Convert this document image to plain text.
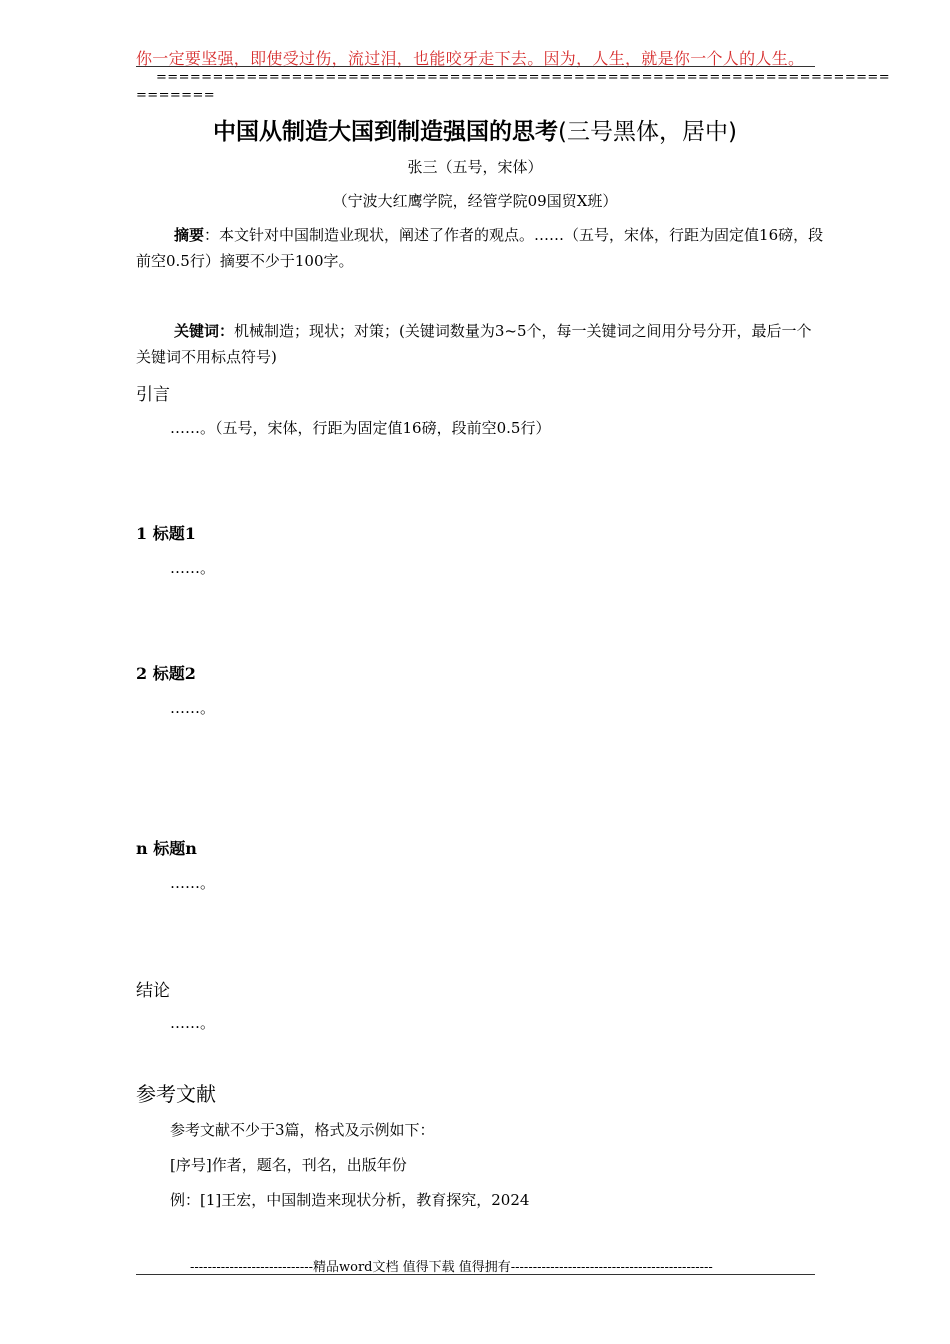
你一定要坚强，即使受过伤，流过泪，也能咬牙走下去。因为，人生，就是你一个人的人生。
=================================================================
=======
中国从制造大国到制造强国的思考(三号黑体，居中)
张三（五号，宋体）
（宁波大红鹰学院，经管学院09国贸X班）
摘要：本文针对中国制造业现状，阐述了作者的观点。……（五号，宋体，行距为固定值16磅，段前空0.5行）摘要不少于100字。
关键词：机械制造；现状；对策；(关键词数量为3~5个，每一关键词之间用分号分开，最后一个关键词不用标点符号)
引言
……。（五号，宋体，行距为固定值16磅，段前空0.5行）
1 标题1
……。
2 标题2
……。
n 标题n
……。
结论
……。
参考文献
参考文献不少于3篇，格式及示例如下：
[序号]作者，题名，刊名，出版年份
例：[1]王宏，中国制造来现状分析，教育探究，2024
----------------------------精品word文档 值得下载 值得拥有----------------------------------------------
